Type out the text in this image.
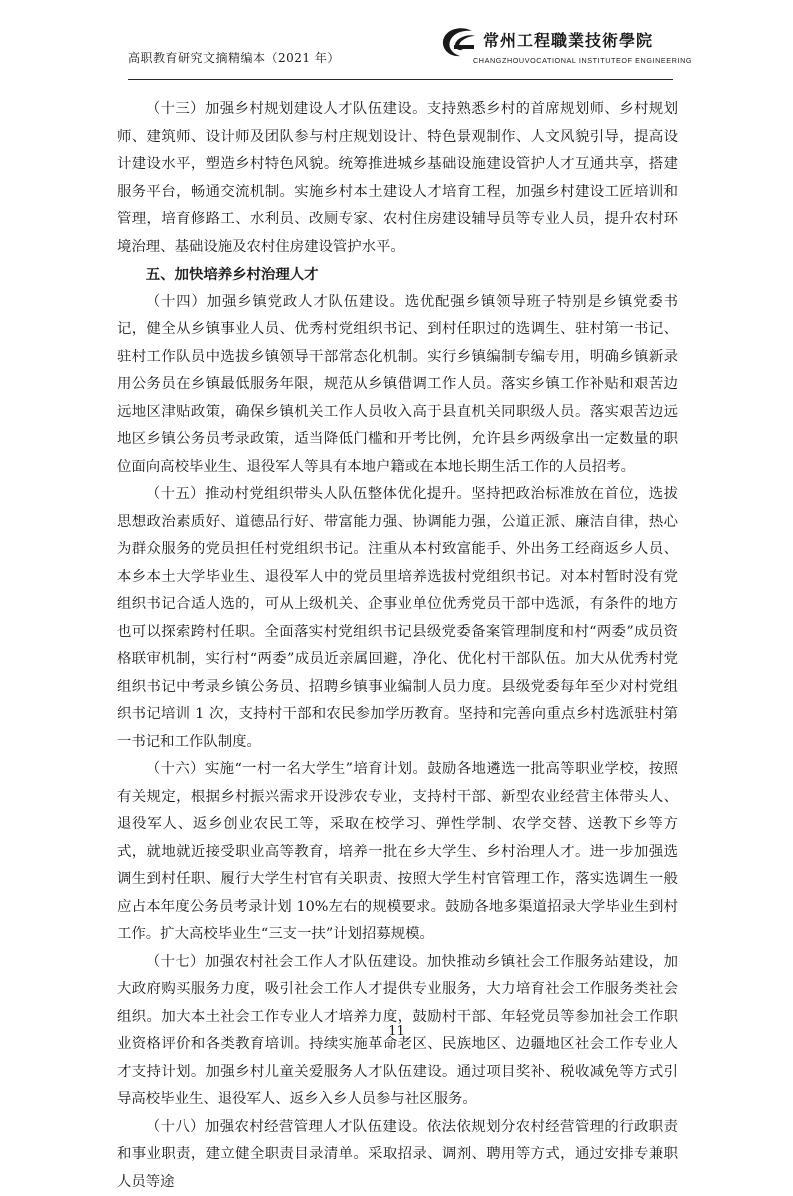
高职教育研究文摘精编本（2021 年）
常州工程職業技術學院
CHANGZHOUVOCATIONAL INSTITUTEOF ENGINEERING

（十三）加强乡村规划建设人才队伍建设。支持熟悉乡村的首席规划师、乡村规划师、建筑师、设计师及团队参与村庄规划设计、特色景观制作、人文风貌引导，提高设计建设水平，塑造乡村特色风貌。统筹推进城乡基础设施建设管护人才互通共享，搭建服务平台，畅通交流机制。实施乡村本土建设人才培育工程，加强乡村建设工匠培训和管理，培育修路工、水利员、改厕专家、农村住房建设辅导员等专业人员，提升农村环境治理、基础设施及农村住房建设管护水平。

五、加快培养乡村治理人才

（十四）加强乡镇党政人才队伍建设。选优配强乡镇领导班子特别是乡镇党委书记，健全从乡镇事业人员、优秀村党组织书记、到村任职过的选调生、驻村第一书记、驻村工作队员中选拔乡镇领导干部常态化机制。实行乡镇编制专编专用，明确乡镇新录用公务员在乡镇最低服务年限，规范从乡镇借调工作人员。落实乡镇工作补贴和艰苦边远地区津贴政策，确保乡镇机关工作人员收入高于县直机关同职级人员。落实艰苦边远地区乡镇公务员考录政策，适当降低门槛和开考比例，允许县乡两级拿出一定数量的职位面向高校毕业生、退役军人等具有本地户籍或在本地长期生活工作的人员招考。

（十五）推动村党组织带头人队伍整体优化提升。坚持把政治标准放在首位，选拔思想政治素质好、道德品行好、带富能力强、协调能力强，公道正派、廉洁自律，热心为群众服务的党员担任村党组织书记。注重从本村致富能手、外出务工经商返乡人员、本乡本土大学毕业生、退役军人中的党员里培养选拔村党组织书记。对本村暂时没有党组织书记合适人选的，可从上级机关、企事业单位优秀党员干部中选派，有条件的地方也可以探索跨村任职。全面落实村党组织书记县级党委备案管理制度和村“两委”成员资格联审机制，实行村“两委”成员近亲属回避，净化、优化村干部队伍。加大从优秀村党组织书记中考录乡镇公务员、招聘乡镇事业编制人员力度。县级党委每年至少对村党组织书记培训 1 次，支持村干部和农民参加学历教育。坚持和完善向重点乡村选派驻村第一书记和工作队制度。

（十六）实施“一村一名大学生”培育计划。鼓励各地遴选一批高等职业学校，按照有关规定，根据乡村振兴需求开设涉农专业，支持村干部、新型农业经营主体带头人、退役军人、返乡创业农民工等，采取在校学习、弹性学制、农学交替、送教下乡等方式，就地就近接受职业高等教育，培养一批在乡大学生、乡村治理人才。进一步加强选调生到村任职、履行大学生村官有关职责、按照大学生村官管理工作，落实选调生一般应占本年度公务员考录计划 10%左右的规模要求。鼓励各地多渠道招录大学毕业生到村工作。扩大高校毕业生“三支一扶”计划招募规模。

（十七）加强农村社会工作人才队伍建设。加快推动乡镇社会工作服务站建设，加大政府购买服务力度，吸引社会工作人才提供专业服务，大力培育社会工作服务类社会组织。加大本土社会工作专业人才培养力度，鼓励村干部、年轻党员等参加社会工作职业资格评价和各类教育培训。持续实施革命老区、民族地区、边疆地区社会工作专业人才支持计划。加强乡村儿童关爱服务人才队伍建设。通过项目奖补、税收减免等方式引导高校毕业生、退役军人、返乡入乡人员参与社区服务。

（十八）加强农村经营管理人才队伍建设。依法依规划分农村经营管理的行政职责和事业职责，建立健全职责目录清单。采取招录、调剂、聘用等方式，通过安排专兼职人员等途

11
